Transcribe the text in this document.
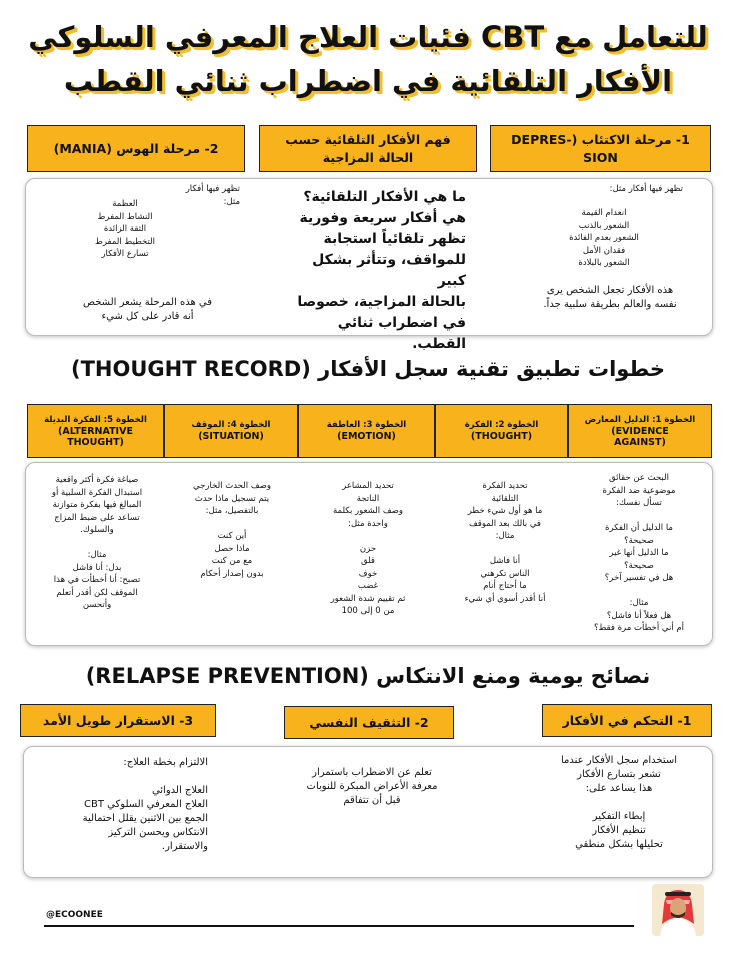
فئيات العلاج المعرفي السلوكي CBT للتعامل مع
الأفكار التلقائية في اضطراب ثنائي القطب
1- مرحلة الاكتئاب (DEPRES- SION
فهم الأفكار التلقائية حسب الحالة المزاجية
2- مرحلة الهوس (MANIA)
تظهر فيها أفكار مثل:
انعدام القيمة
الشعور بالذنب
الشعور بعدم الفائدة
فقدان الأمل
الشعور بالبلادة
هذه الأفكار تجعل الشخص يرى
نفسه والعالم بطريقة سلبية جداً.
ما هي الأفكار التلقائية؟
هي أفكار سريعة وفورية
تظهر تلقائياً استجابة
للمواقف، وتتأثر بشكل كبير
بالحالة المزاجية، خصوصا
في اضطراب ثنائي القطب.
تظهر فيها أفكار مثل:
العظمة
النشاط المفرط
الثقة الزائدة
التخطيط المفرط
تسارع الأفكار
في هذه المرحلة يشعر الشخص
أنه قادر على كل شيء
خطوات تطبيق تقنية سجل الأفكار (THOUGHT RECORD)
الخطوة 1: الدليل المعارض
EVIDENCE)
(AGAINST
الخطوة 2: الفكرة
(THOUGHT)
الخطوة 3: العاطفة
(EMOTION)
الخطوة 4: الموقف
(SITUATION)
الخطوة 5: الفكرة البديلة
ALTERNATIVE)
(THOUGHT
البحث عن حقائق
موضوعية ضد الفكرة
تسأل نفسك:

ما الدليل أن الفكرة
صحيحة؟
ما الدليل أنها غير
صحيحة؟
هل في تفسير آخر؟

مثال:
هل فعلاً أنا فاشل؟
أم أني أخطأت مرة فقط؟
تحديد الفكرة
التلقائية
ما هو أول شيء خطر
في بالك بعد الموقف
مثال:

أنا فاشل
الناس تكرهني
ما أحتاج أنام
أنا أقدر أسوي أي شيء
تحديد المشاعر
الناتجة
وصف الشعور بكلمة
واحدة مثل:

حزن
قلق
خوف
غضب
ثم تقييم شدة الشعور
من 0 إلى 100
وصف الحدث الخارجي
يتم تسجيل ماذا حدث
بالتفصيل، مثل:

أين كنت
ماذا حصل
مع من كنت
بدون إصدار أحكام
صياغة فكرة أكثر واقعية
استبدال الفكرة السلبية أو
المبالغ فيها بفكرة متوازنة
تساعد على ضبط المزاج
والسلوك.

مثال:
بدل: أنا فاشل
تصبح: أنا أخطأت في هذا
الموقف لكن أقدر أتعلم
وأتحسن
نصائح يومية ومنع الانتكاس (RELAPSE PREVENTION)
1- التحكم في الأفكار
2- التثقيف النفسي
3- الاستقرار طويل الأمد
استخدام سجل الأفكار عندما
تشعر بتسارع الأفكار
هذا يساعد على:

إبطاء التفكير
تنظيم الأفكار
تحليلها بشكل منطقي
تعلم عن الاضطراب باستمرار
معرفة الأعراض المبكرة للنوبات
قبل أن تتفاقم
الالتزام بخطة العلاج:

العلاج الدوائي
العلاج المعرفي السلوكي CBT
الجمع بين الاثنين يقلل احتمالية
الانتكاس ويحسن التركيز
والاستقرار.
@ECOONEE
